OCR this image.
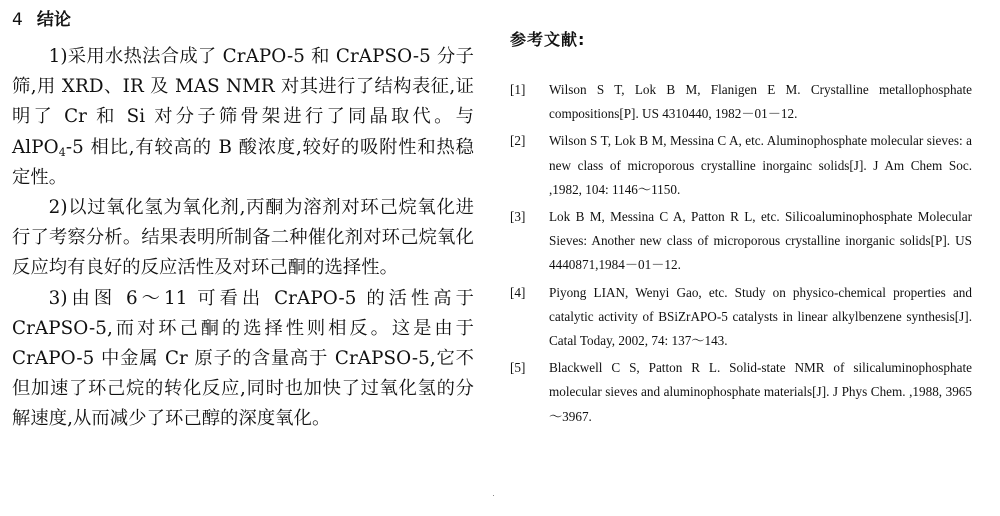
4 结论

1)采用水热法合成了 CrAPO-5 和 CrAPSO-5 分子筛,用 XRD、IR 及 MAS NMR 对其进行了结构表征,证明了 Cr 和 Si 对分子筛骨架进行了同晶取代。与 AlPO$_4$-5 相比,有较高的 B 酸浓度,较好的吸附性和热稳定性。

2)以过氧化氢为氧化剂,丙酮为溶剂对环己烷氧化进行了考察分析。结果表明所制备二种催化剂对环己烷氧化反应均有良好的反应活性及对环己酮的选择性。

3)由图 6～11 可看出 CrAPO-5 的活性高于 CrAPSO-5,而对环己酮的选择性则相反。这是由于 CrAPO-5 中金属 Cr 原子的含量高于 CrAPSO-5,它不但加速了环己烷的转化反应,同时也加快了过氧化氢的分解速度,从而减少了环己醇的深度氧化。

参考文献:
[1] Wilson S T, Lok B M, Flanigen E M. Crystalline metallophosphate compositions[P]. US 4310440, 1982－01－12.
[2] Wilson S T, Lok B M, Messina C A, etc. Aluminophosphate molecular sieves: a new class of microporous crystalline inorgainc solids[J]. J Am Chem Soc. ,1982, 104: 1146～1150.
[3] Lok B M, Messina C A, Patton R L, etc. Silicoaluminophosphate Molecular Sieves: Another new class of microporous crystalline inorganic solids[P]. US 4440871,1984－01－12.
[4] Piyong LIAN, Wenyi Gao, etc. Study on physico-chemical properties and catalytic activity of BSiZrAPO-5 catalysts in linear alkylbenzene synthesis[J]. Catal Today, 2002, 74: 137～143.
[5] Blackwell C S, Patton R L. Solid-state NMR of silicaluminophosphate molecular sieves and aluminophosphate materials[J]. J Phys Chem. ,1988, 3965～3967.
